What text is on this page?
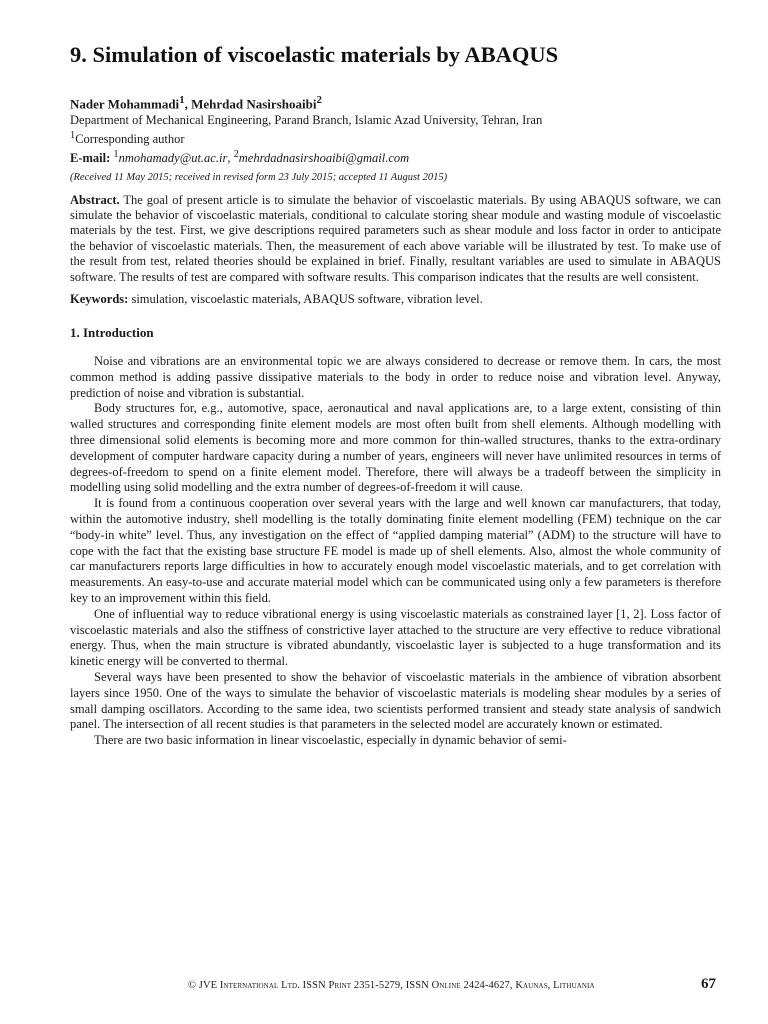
9. Simulation of viscoelastic materials by ABAQUS
Nader Mohammadi$^1$, Mehrdad Nasirshoaibi$^2$
Department of Mechanical Engineering, Parand Branch, Islamic Azad University, Tehran, Iran
$^1$Corresponding author
E-mail: $^1$nmohamady@ut.ac.ir, $^2$mehrdadnasirshoaibi@gmail.com
(Received 11 May 2015; received in revised form 23 July 2015; accepted 11 August 2015)
Abstract. The goal of present article is to simulate the behavior of viscoelastic materials. By using ABAQUS software, we can simulate the behavior of viscoelastic materials, conditional to calculate storing shear module and wasting module of viscoelastic materials by the test. First, we give descriptions required parameters such as shear module and loss factor in order to anticipate the behavior of viscoelastic materials. Then, the measurement of each above variable will be illustrated by test. To make use of the result from test, related theories should be explained in brief. Finally, resultant variables are used to simulate in ABAQUS software. The results of test are compared with software results. This comparison indicates that the results are well consistent.
Keywords: simulation, viscoelastic materials, ABAQUS software, vibration level.
1. Introduction

Noise and vibrations are an environmental topic we are always considered to decrease or remove them. In cars, the most common method is adding passive dissipative materials to the body in order to reduce noise and vibration level. Anyway, prediction of noise and vibration is substantial.

Body structures for, e.g., automotive, space, aeronautical and naval applications are, to a large extent, consisting of thin walled structures and corresponding finite element models are most often built from shell elements. Although modelling with three dimensional solid elements is becoming more and more common for thin-walled structures, thanks to the extra-ordinary development of computer hardware capacity during a number of years, engineers will never have unlimited resources in terms of degrees-of-freedom to spend on a finite element model. Therefore, there will always be a tradeoff between the simplicity in modelling using solid modelling and the extra number of degrees-of-freedom it will cause.

It is found from a continuous cooperation over several years with the large and well known car manufacturers, that today, within the automotive industry, shell modelling is the totally dominating finite element modelling (FEM) technique on the car “body-in white” level. Thus, any investigation on the effect of “applied damping material” (ADM) to the structure will have to cope with the fact that the existing base structure FE model is made up of shell elements. Also, almost the whole community of car manufacturers reports large difficulties in how to accurately enough model viscoelastic materials, and to get correlation with measurements. An easy-to-use and accurate material model which can be communicated using only a few parameters is therefore key to an improvement within this field.

One of influential way to reduce vibrational energy is using viscoelastic materials as constrained layer [1, 2]. Loss factor of viscoelastic materials and also the stiffness of constrictive layer attached to the structure are very effective to reduce vibrational energy. Thus, when the main structure is vibrated abundantly, viscoelastic layer is subjected to a huge transformation and its kinetic energy will be converted to thermal.

Several ways have been presented to show the behavior of viscoelastic materials in the ambience of vibration absorbent layers since 1950. One of the ways to simulate the behavior of viscoelastic materials is modeling shear modules by a series of small damping oscillators. According to the same idea, two scientists performed transient and steady state analysis of sandwich panel. The intersection of all recent studies is that parameters in the selected model are accurately known or estimated.

There are two basic information in linear viscoelastic, especially in dynamic behavior of semi-

© JVE International Ltd. ISSN Print 2351-5279, ISSN Online 2424-4627, Kaunas, Lithuania	67
